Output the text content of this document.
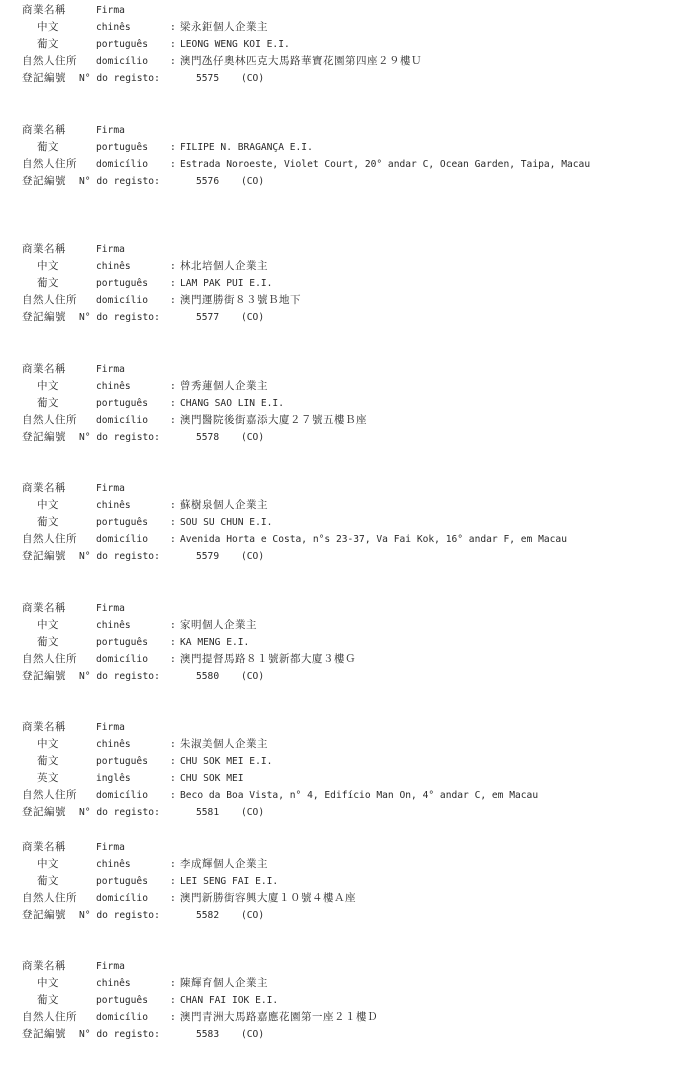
商業名稱	Firma
中文	chinês	: 梁永鉅個人企業主
葡文	português : LEONG WENG KOI E.I.
自然人住所 domicílio : 澳門氹仔奧林匹克大馬路華寶花園第四座２９樓Ｕ
登記編號 N° do registo:	5575 (CO)
商業名稱	Firma
葡文	português : FILIPE N. BRAGANÇA E.I.
自然人住所 domicílio : Estrada Noroeste, Violet Court, 20° andar C, Ocean Garden, Taipa, Macau
登記編號 N° do registo:	5576 (CO)
商業名稱	Firma
中文	chinês	: 林北培個人企業主
葡文	português : LAM PAK PUI E.I.
自然人住所 domicílio : 澳門運勝街８３號Ｂ地下
登記編號 N° do registo:	5577 (CO)
商業名稱	Firma
中文	chinês	: 曾秀蓮個人企業主
葡文	português : CHANG SAO LIN E.I.
自然人住所 domicílio : 澳門醫院後街嘉添大廈２７號五樓Ｂ座
登記編號 N° do registo:	5578 (CO)
商業名稱	Firma
中文	chinês	: 蘇樹泉個人企業主
葡文	português : SOU SU CHUN E.I.
自然人住所 domicílio : Avenida Horta e Costa, n°s 23-37, Va Fai Kok, 16° andar F, em Macau
登記編號 N° do registo:	5579 (CO)
商業名稱	Firma
中文	chinês	: 家明個人企業主
葡文	português : KA MENG E.I.
自然人住所 domicílio : 澳門提督馬路８１號新都大廈３樓Ｇ
登記編號 N° do registo:	5580 (CO)
商業名稱	Firma
中文	chinês	: 朱淑美個人企業主
葡文	português : CHU SOK MEI E.I.
英文	inglês	: CHU SOK MEI
自然人住所 domicílio : Beco da Boa Vista, n° 4, Edifício Man On, 4° andar C, em Macau
登記編號 N° do registo:	5581 (CO)
商業名稱	Firma
中文	chinês	: 李成輝個人企業主
葡文	português : LEI SENG FAI E.I.
自然人住所 domicílio : 澳門新勝街容興大廈１０號４樓Ａ座
登記編號 N° do registo:	5582 (CO)
商業名稱	Firma
中文	chinês	: 陳輝育個人企業主
葡文	português : CHAN FAI IOK E.I.
自然人住所 domicílio : 澳門青洲大馬路嘉應花園第一座２１樓Ｄ
登記編號 N° do registo:	5583 (CO)
